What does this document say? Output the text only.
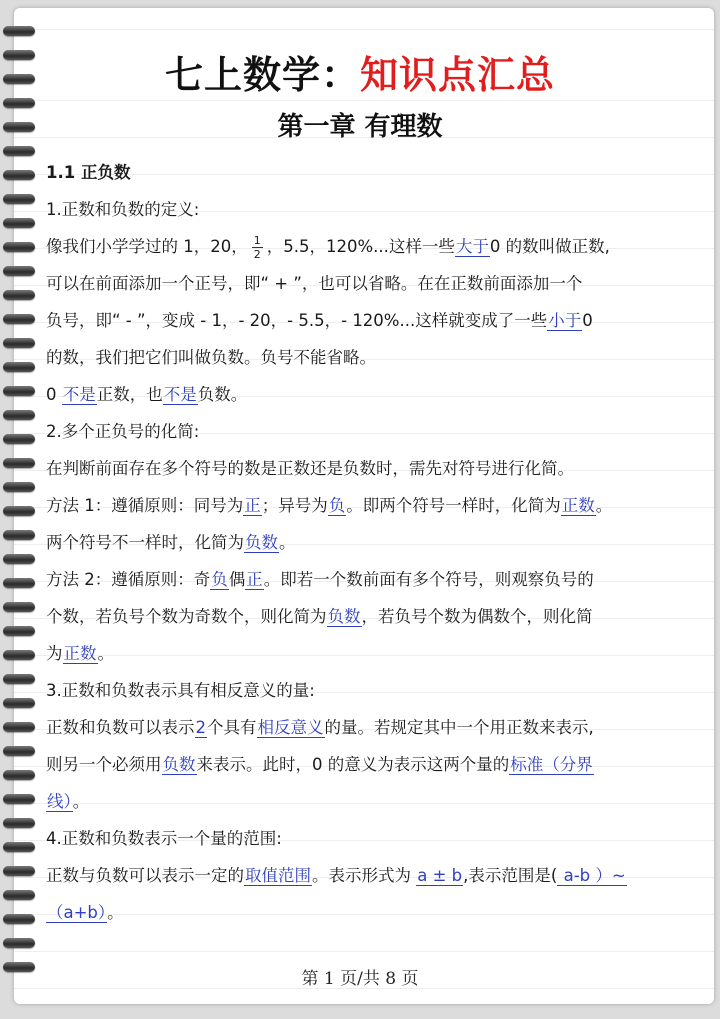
七上数学：知识点汇总
第一章 有理数
1.1 正负数
1.正数和负数的定义:
像我们小学学过的 1，20， $\frac{1}{2}$ ，5.5，120%...这样一些大于0 的数叫做正数,
可以在前面添加一个正号，即“ + ”，也可以省略。在在正数前面添加一个
负号，即“ - ”，变成 - 1，- 20，- 5.5，- 120%...这样就变成了一些小于0
的数，我们把它们叫做负数。负号不能省略。
0 不是正数，也不是负数。
2.多个正负号的化简:
在判断前面存在多个符号的数是正数还是负数时，需先对符号进行化简。
方法 1：遵循原则：同号为正；异号为负。即两个符号一样时，化简为正数。
两个符号不一样时，化简为负数。
方法 2：遵循原则：奇负偶正。即若一个数前面有多个符号，则观察负号的
个数，若负号个数为奇数个，则化简为负数，若负号个数为偶数个，则化简
为正数。
3.正数和负数表示具有相反意义的量:
正数和负数可以表示2个具有相反意义的量。若规定其中一个用正数来表示,
则另一个必须用负数来表示。此时，0 的意义为表示这两个量的标准（分界
线）。
4.正数和负数表示一个量的范围:
正数与负数可以表示一定的取值范围。表示形式为 a ± b,表示范围是( a-b ）~
（a+b）。
第 1 页/共 8 页
